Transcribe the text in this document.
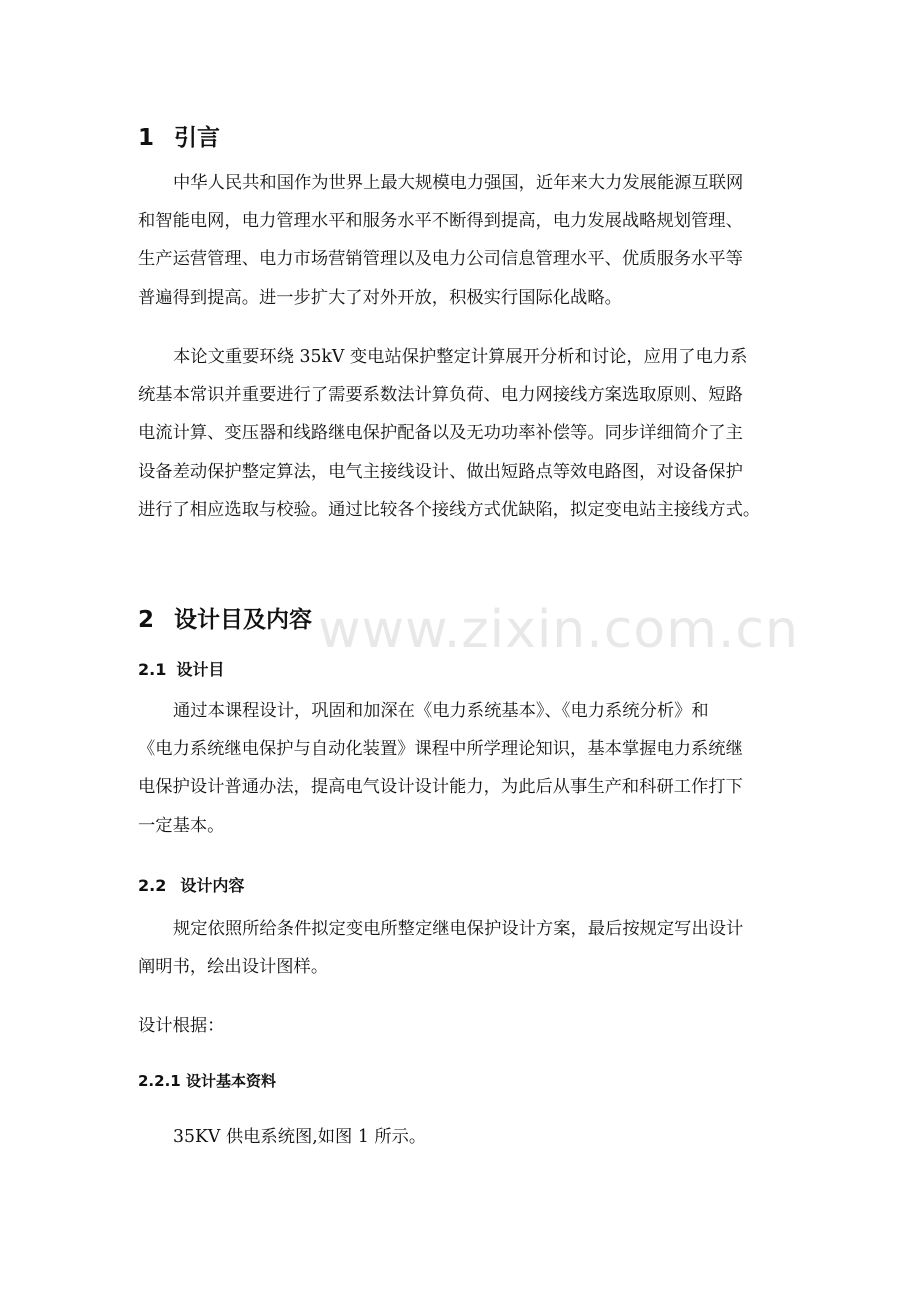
www.zixin.com.cn
1 引言
中华人民共和国作为世界上最大规模电力强国，近年来大力发展能源互联网
和智能电网，电力管理水平和服务水平不断得到提高，电力发展战略规划管理、
生产运营管理、电力市场营销管理以及电力公司信息管理水平、优质服务水平等
普遍得到提高。进一步扩大了对外开放，积极实行国际化战略。
本论文重要环绕 35kV 变电站保护整定计算展开分析和讨论，应用了电力系
统基本常识并重要进行了需要系数法计算负荷、电力网接线方案选取原则、短路
电流计算、变压器和线路继电保护配备以及无功功率补偿等。同步详细简介了主
设备差动保护整定算法，电气主接线设计、做出短路点等效电路图，对设备保护
进行了相应选取与校验。通过比较各个接线方式优缺陷，拟定变电站主接线方式。
2 设计目及内容
2.1 设计目
通过本课程设计，巩固和加深在《电力系统基本》、《电力系统分析》和
《电力系统继电保护与自动化装置》课程中所学理论知识，基本掌握电力系统继
电保护设计普通办法，提高电气设计设计能力，为此后从事生产和科研工作打下
一定基本。
2.2 设计内容
规定依照所给条件拟定变电所整定继电保护设计方案，最后按规定写出设计
阐明书，绘出设计图样。

设计根据：

2.2.1 设计基本资料

35KV 供电系统图,如图 1 所示。
